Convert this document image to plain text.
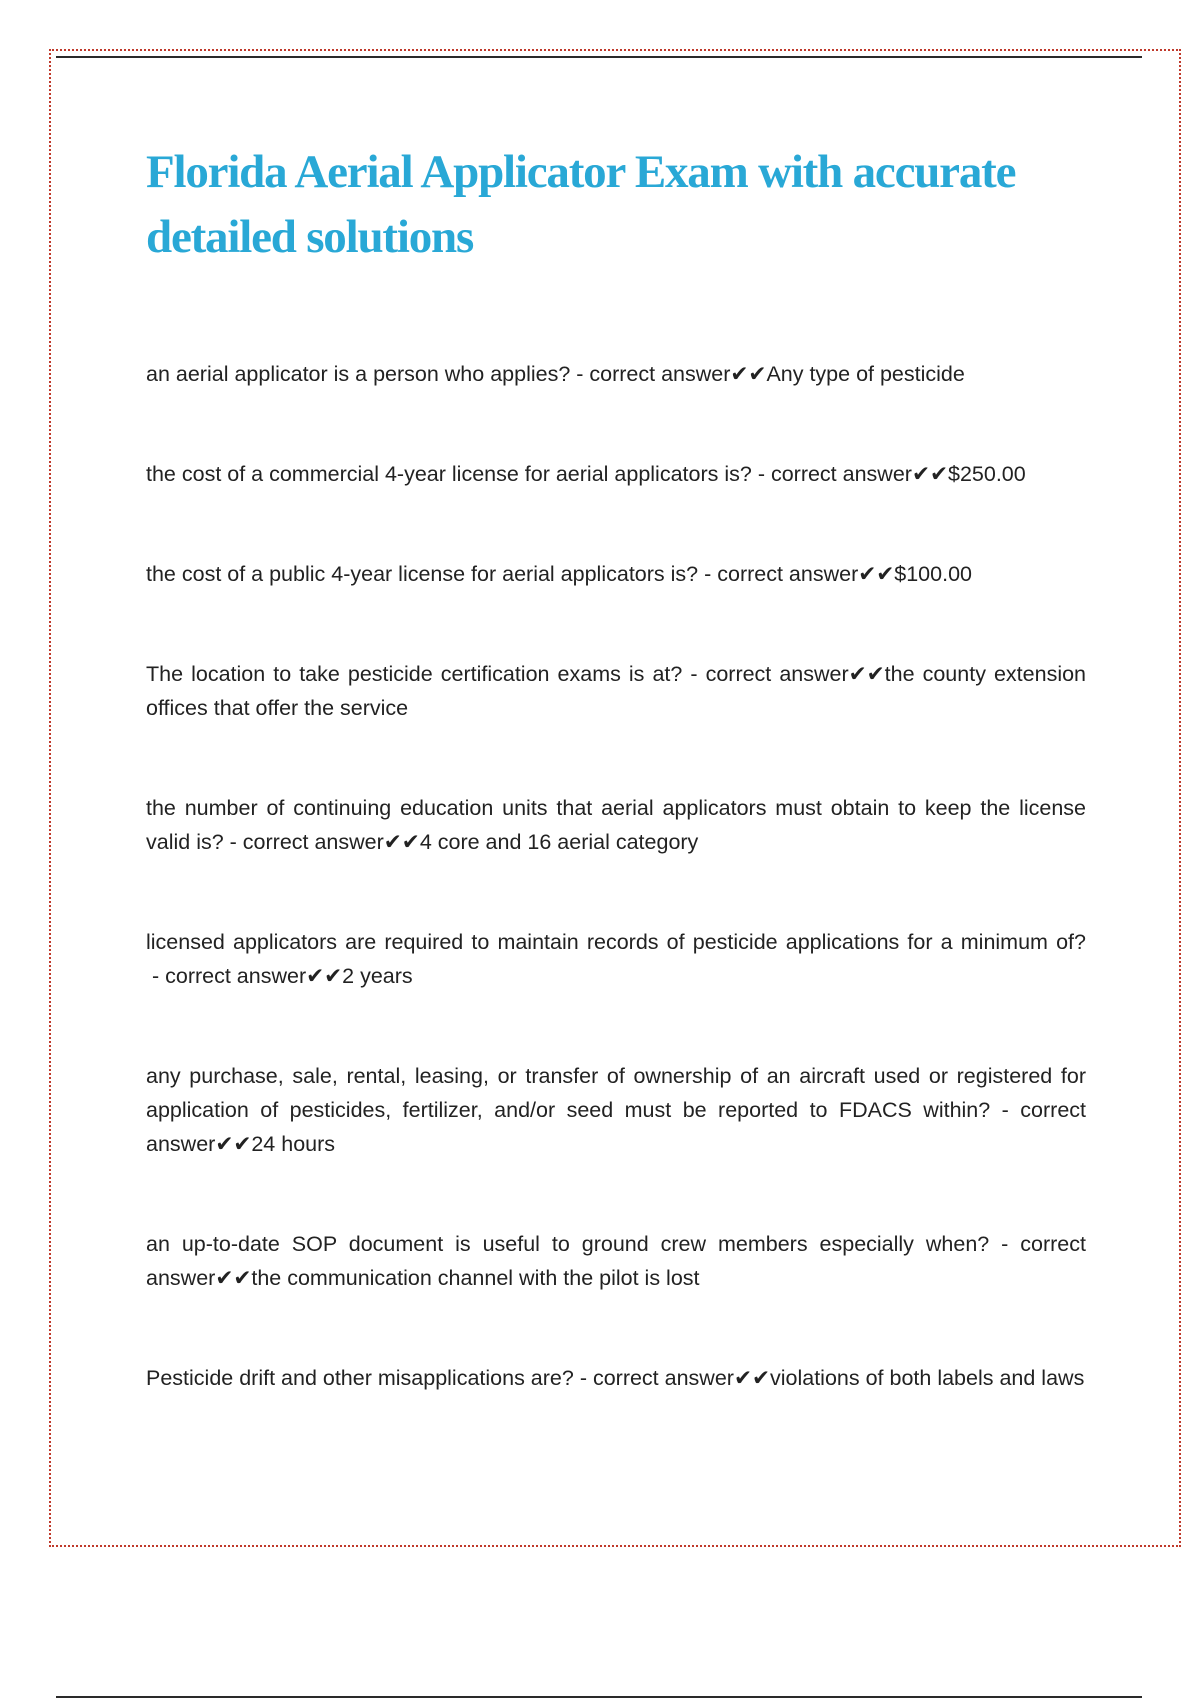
Florida Aerial Applicator Exam with accurate detailed solutions

an aerial applicator is a person who applies? - correct answer✔✔Any type of pesticide

the cost of a commercial 4-year license for aerial applicators is? - correct answer✔✔$250.00

the cost of a public 4-year license for aerial applicators is? - correct answer✔✔$100.00

The location to take pesticide certification exams is at? - correct answer✔✔the county extension offices that offer the service

the number of continuing education units that aerial applicators must obtain to keep the license valid is? - correct answer✔✔4 core and 16 aerial category

licensed applicators are required to maintain records of pesticide applications for a minimum of? - correct answer✔✔2 years

any purchase, sale, rental, leasing, or transfer of ownership of an aircraft used or registered for application of pesticides, fertilizer, and/or seed must be reported to FDACS within? - correct answer✔✔24 hours

an up-to-date SOP document is useful to ground crew members especially when? - correct answer✔✔the communication channel with the pilot is lost

Pesticide drift and other misapplications are? - correct answer✔✔violations of both labels and laws
